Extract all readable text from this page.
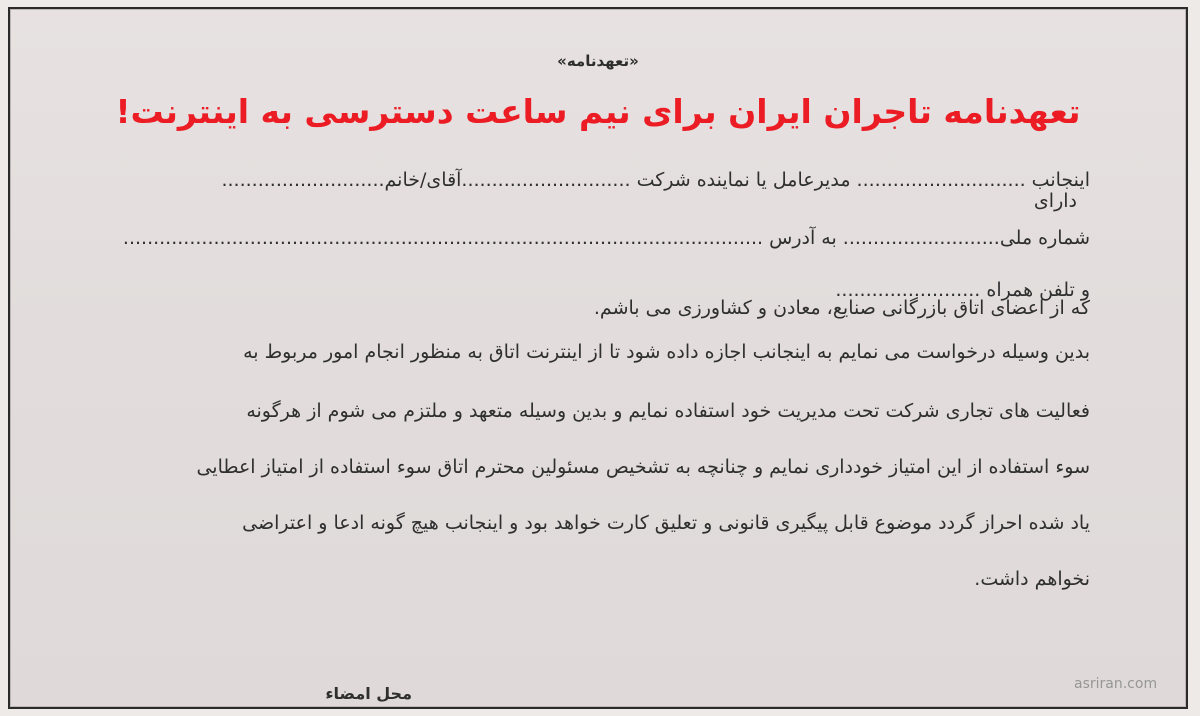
«تعهدنامه»
تعهدنامه تاجران ایران برای نیم ساعت دسترسی به اینترنت!
اینجانب ............................ مدیرعامل یا نماینده شرکت ............................آقای/خانم...........................
دارای
شماره ملی.......................... به آدرس ..........................................................................................................
و تلفن همراه ........................
که از اعضای اتاق بازرگانی صنایع، معادن و کشاورزی می باشم.
بدین وسیله درخواست می نمایم به اینجانب اجازه داده شود تا از اینترنت اتاق به منظور انجام امور مربوط به
فعالیت های تجاری شرکت تحت مدیریت خود استفاده نمایم و بدین وسیله متعهد و ملتزم می شوم از هرگونه
سوء استفاده از این امتیاز خودداری نمایم و چنانچه به تشخیص مسئولین محترم اتاق سوء استفاده از امتیاز اعطایی
یاد شده احراز گردد موضوع قابل پیگیری قانونی و تعلیق کارت خواهد بود و اینجانب هیچ گونه ادعا و اعتراضی
نخواهم داشت.
محل امضاء	asriran.com
